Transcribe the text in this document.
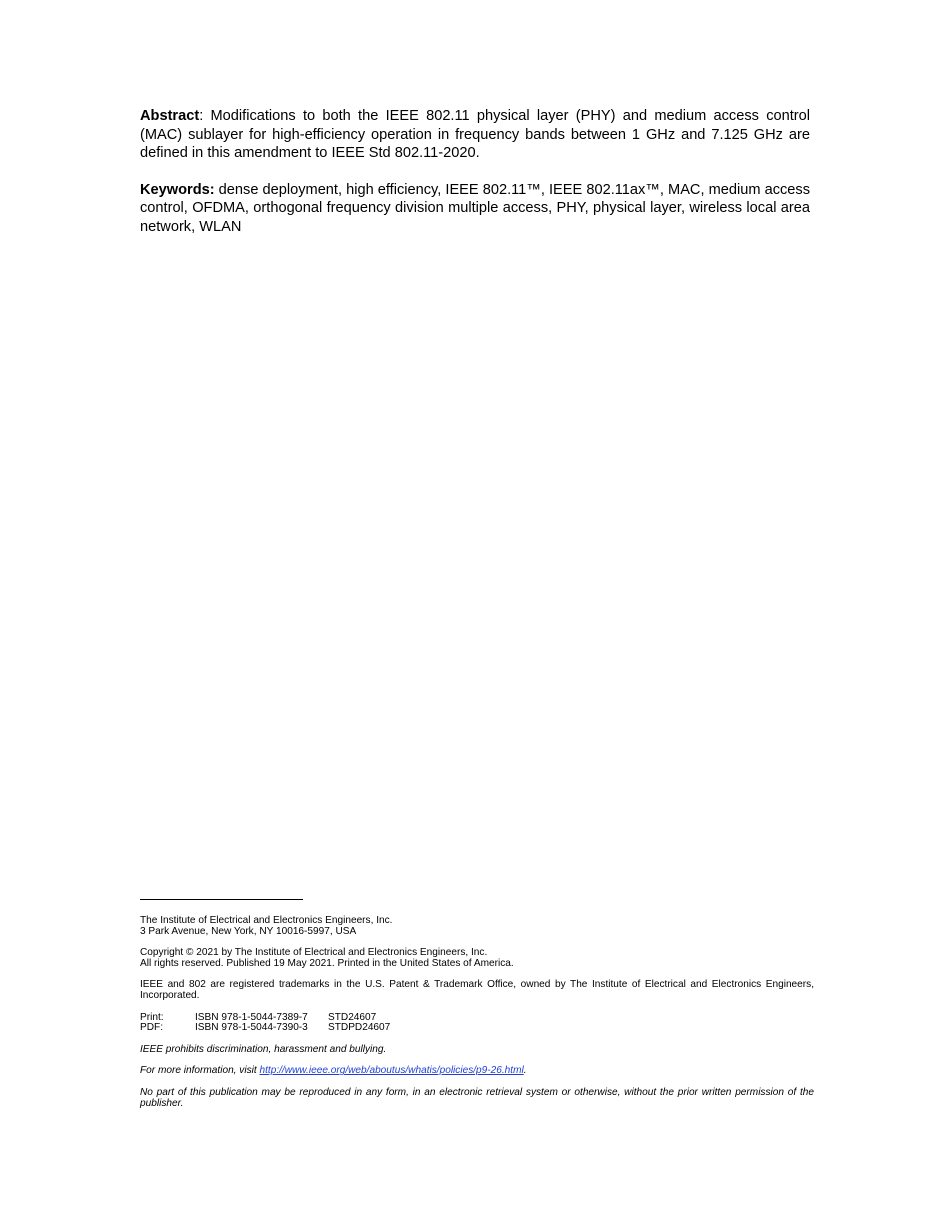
Abstract: Modifications to both the IEEE 802.11 physical layer (PHY) and medium access control (MAC) sublayer for high-efficiency operation in frequency bands between 1 GHz and 7.125 GHz are defined in this amendment to IEEE Std 802.11-2020.

Keywords: dense deployment, high efficiency, IEEE 802.11™, IEEE 802.11ax™, MAC, medium access control, OFDMA, orthogonal frequency division multiple access, PHY, physical layer, wireless local area network, WLAN

The Institute of Electrical and Electronics Engineers, Inc.
3 Park Avenue, New York, NY 10016-5997, USA

Copyright © 2021 by The Institute of Electrical and Electronics Engineers, Inc.
All rights reserved. Published 19 May 2021. Printed in the United States of America.

IEEE and 802 are registered trademarks in the U.S. Patent & Trademark Office, owned by The Institute of Electrical and Electronics Engineers, Incorporated.

Print:	ISBN 978-1-5044-7389-7 STD24607
PDF:	ISBN 978-1-5044-7390-3 STDPD24607

IEEE prohibits discrimination, harassment and bullying.

For more information, visit http://www.ieee.org/web/aboutus/whatis/policies/p9-26.html.

No part of this publication may be reproduced in any form, in an electronic retrieval system or otherwise, without the prior written permission of the publisher.
